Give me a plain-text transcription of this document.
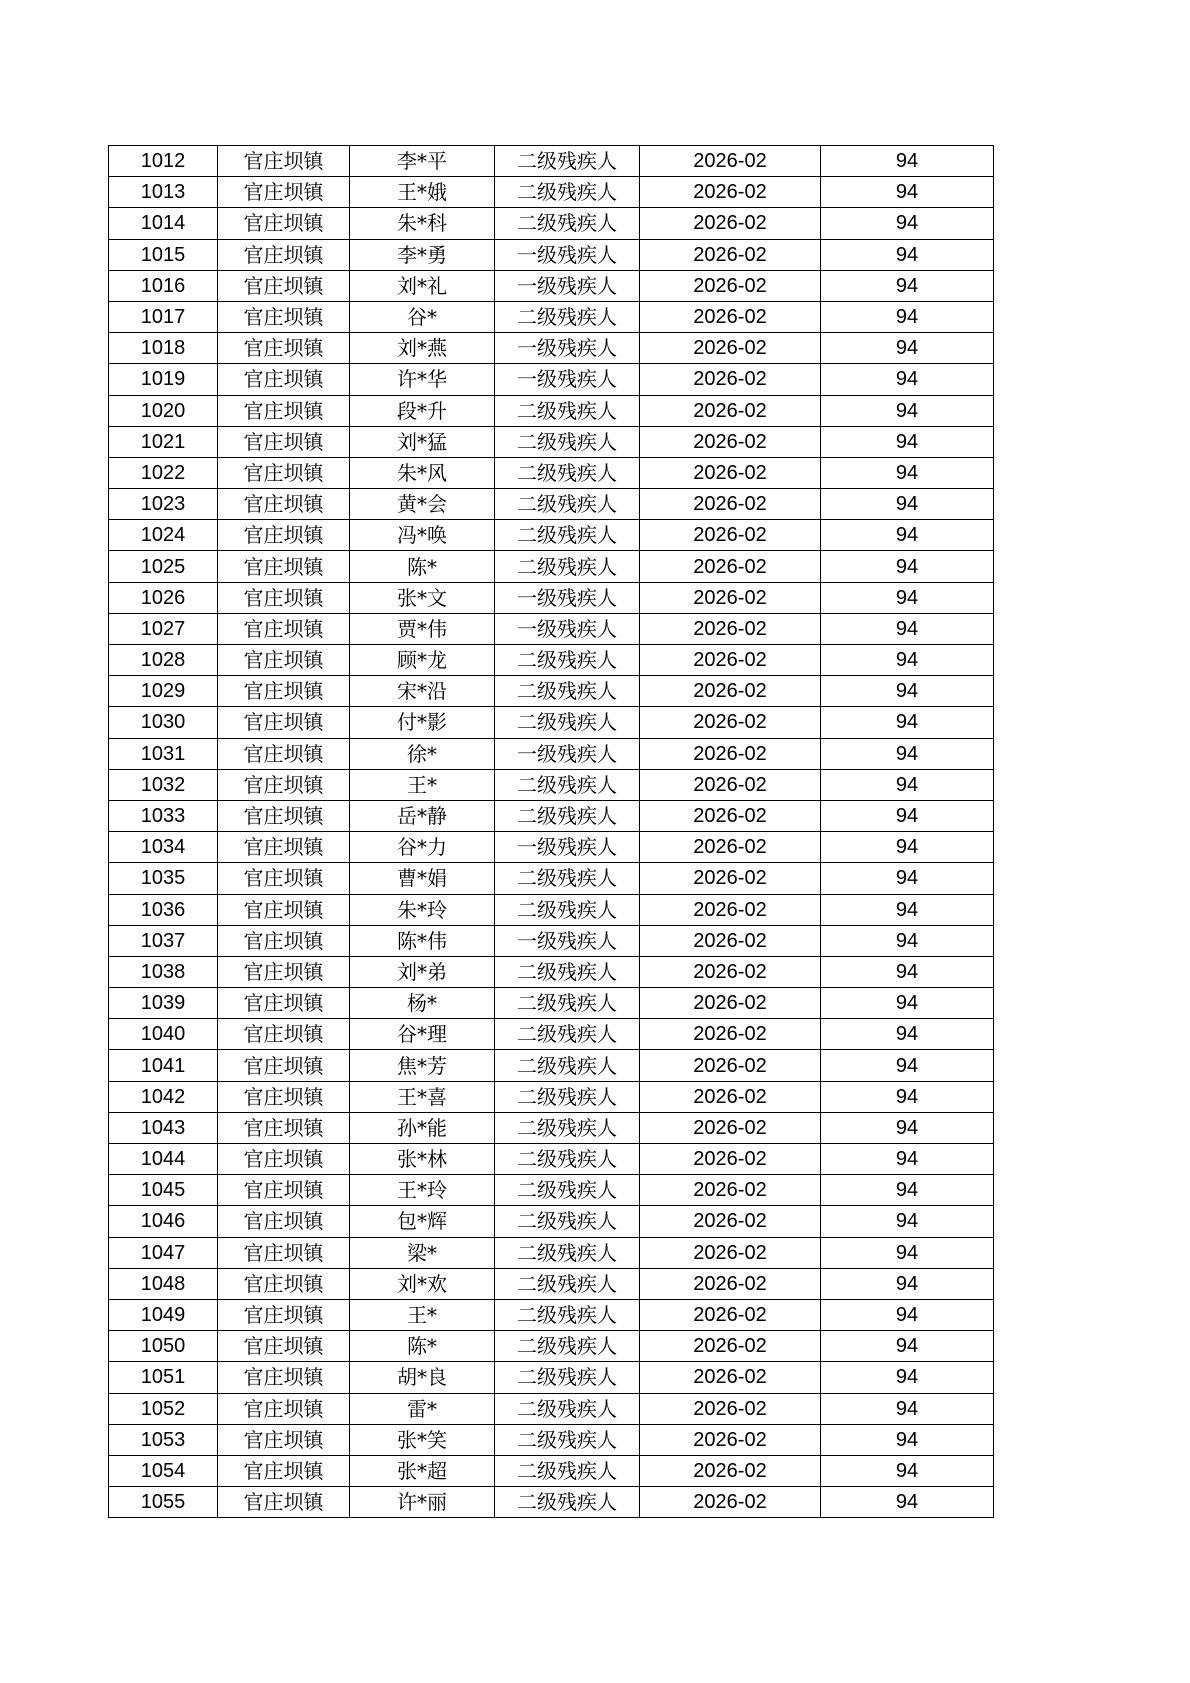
1012	官庄坝镇	李*平	二级残疾人	2026-02	94
1013	官庄坝镇	王*娥	二级残疾人	2026-02	94
1014	官庄坝镇	朱*科	二级残疾人	2026-02	94
1015	官庄坝镇	李*勇	一级残疾人	2026-02	94
1016	官庄坝镇	刘*礼	一级残疾人	2026-02	94
1017	官庄坝镇	谷*	二级残疾人	2026-02	94
1018	官庄坝镇	刘*燕	一级残疾人	2026-02	94
1019	官庄坝镇	许*华	一级残疾人	2026-02	94
1020	官庄坝镇	段*升	二级残疾人	2026-02	94
1021	官庄坝镇	刘*猛	二级残疾人	2026-02	94
1022	官庄坝镇	朱*风	二级残疾人	2026-02	94
1023	官庄坝镇	黄*会	二级残疾人	2026-02	94
1024	官庄坝镇	冯*唤	二级残疾人	2026-02	94
1025	官庄坝镇	陈*	二级残疾人	2026-02	94
1026	官庄坝镇	张*文	一级残疾人	2026-02	94
1027	官庄坝镇	贾*伟	一级残疾人	2026-02	94
1028	官庄坝镇	顾*龙	二级残疾人	2026-02	94
1029	官庄坝镇	宋*沿	二级残疾人	2026-02	94
1030	官庄坝镇	付*影	二级残疾人	2026-02	94
1031	官庄坝镇	徐*	一级残疾人	2026-02	94
1032	官庄坝镇	王*	二级残疾人	2026-02	94
1033	官庄坝镇	岳*静	二级残疾人	2026-02	94
1034	官庄坝镇	谷*力	一级残疾人	2026-02	94
1035	官庄坝镇	曹*娟	二级残疾人	2026-02	94
1036	官庄坝镇	朱*玲	二级残疾人	2026-02	94
1037	官庄坝镇	陈*伟	一级残疾人	2026-02	94
1038	官庄坝镇	刘*弟	二级残疾人	2026-02	94
1039	官庄坝镇	杨*	二级残疾人	2026-02	94
1040	官庄坝镇	谷*理	二级残疾人	2026-02	94
1041	官庄坝镇	焦*芳	二级残疾人	2026-02	94
1042	官庄坝镇	王*喜	二级残疾人	2026-02	94
1043	官庄坝镇	孙*能	二级残疾人	2026-02	94
1044	官庄坝镇	张*林	二级残疾人	2026-02	94
1045	官庄坝镇	王*玲	二级残疾人	2026-02	94
1046	官庄坝镇	包*辉	二级残疾人	2026-02	94
1047	官庄坝镇	梁*	二级残疾人	2026-02	94
1048	官庄坝镇	刘*欢	二级残疾人	2026-02	94
1049	官庄坝镇	王*	二级残疾人	2026-02	94
1050	官庄坝镇	陈*	二级残疾人	2026-02	94
1051	官庄坝镇	胡*良	二级残疾人	2026-02	94
1052	官庄坝镇	雷*	二级残疾人	2026-02	94
1053	官庄坝镇	张*笑	二级残疾人	2026-02	94
1054	官庄坝镇	张*超	二级残疾人	2026-02	94
1055	官庄坝镇	许*丽	二级残疾人	2026-02	94
